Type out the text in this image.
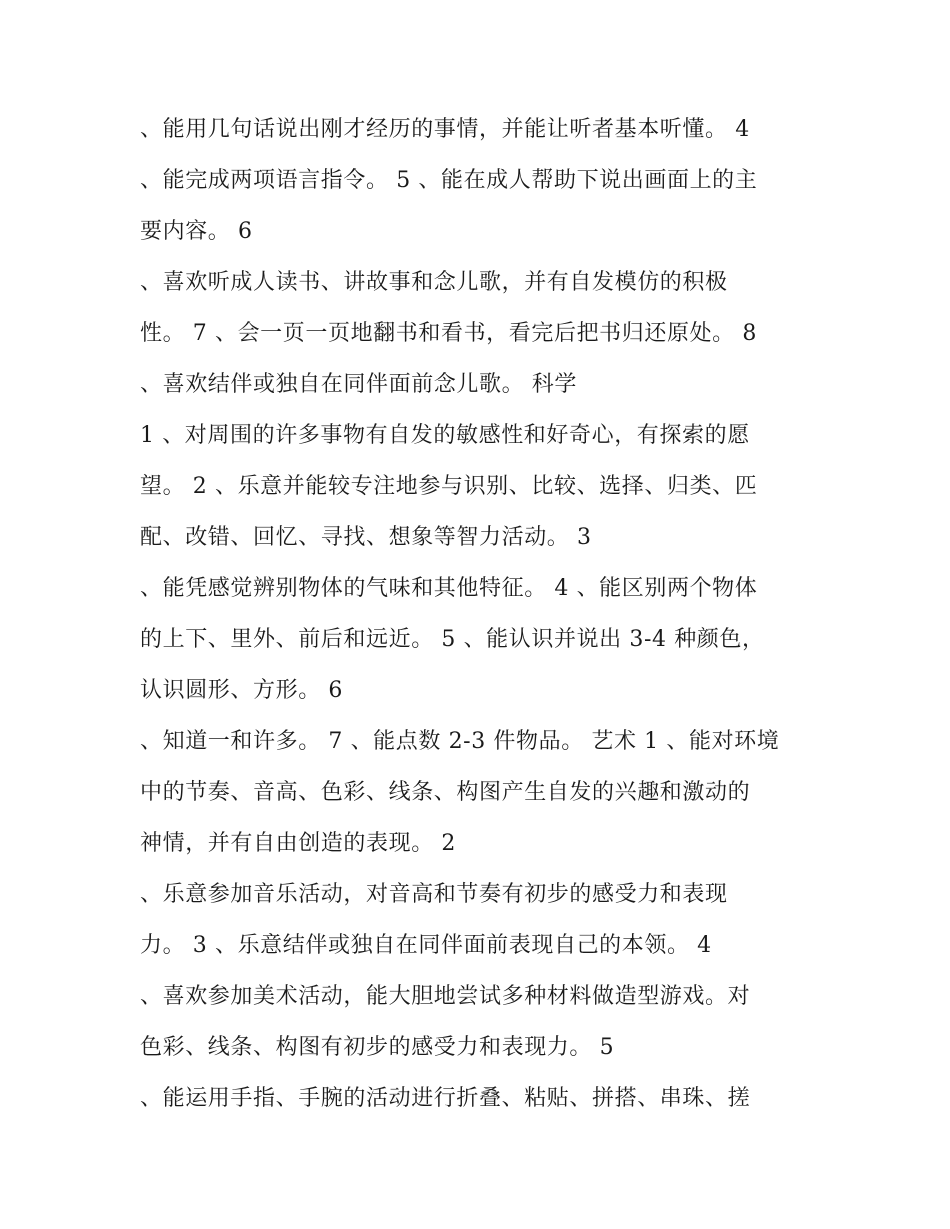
、能用几句话说出刚才经历的事情，并能让听者基本听懂。 4
、能完成两项语言指令。 5 、能在成人帮助下说出画面上的主
要内容。 6
、喜欢听成人读书、讲故事和念儿歌，并有自发模仿的积极
性。 7 、会一页一页地翻书和看书，看完后把书归还原处。 8
、喜欢结伴或独自在同伴面前念儿歌。 科学
1 、对周围的许多事物有自发的敏感性和好奇心，有探索的愿
望。 2 、乐意并能较专注地参与识别、比较、选择、归类、匹
配、改错、回忆、寻找、想象等智力活动。 3
、能凭感觉辨别物体的气味和其他特征。 4 、能区别两个物体
的上下、里外、前后和远近。 5 、能认识并说出 3-4 种颜色，
认识圆形、方形。 6
、知道一和许多。 7 、能点数 2-3 件物品。 艺术 1 、能对环境
中的节奏、音高、色彩、线条、构图产生自发的兴趣和激动的
神情，并有自由创造的表现。 2
、乐意参加音乐活动，对音高和节奏有初步的感受力和表现
力。 3 、乐意结伴或独自在同伴面前表现自己的本领。 4
、喜欢参加美术活动，能大胆地尝试多种材料做造型游戏。对
色彩、线条、构图有初步的感受力和表现力。 5
、能运用手指、手腕的活动进行折叠、粘贴、拼搭、串珠、搓
